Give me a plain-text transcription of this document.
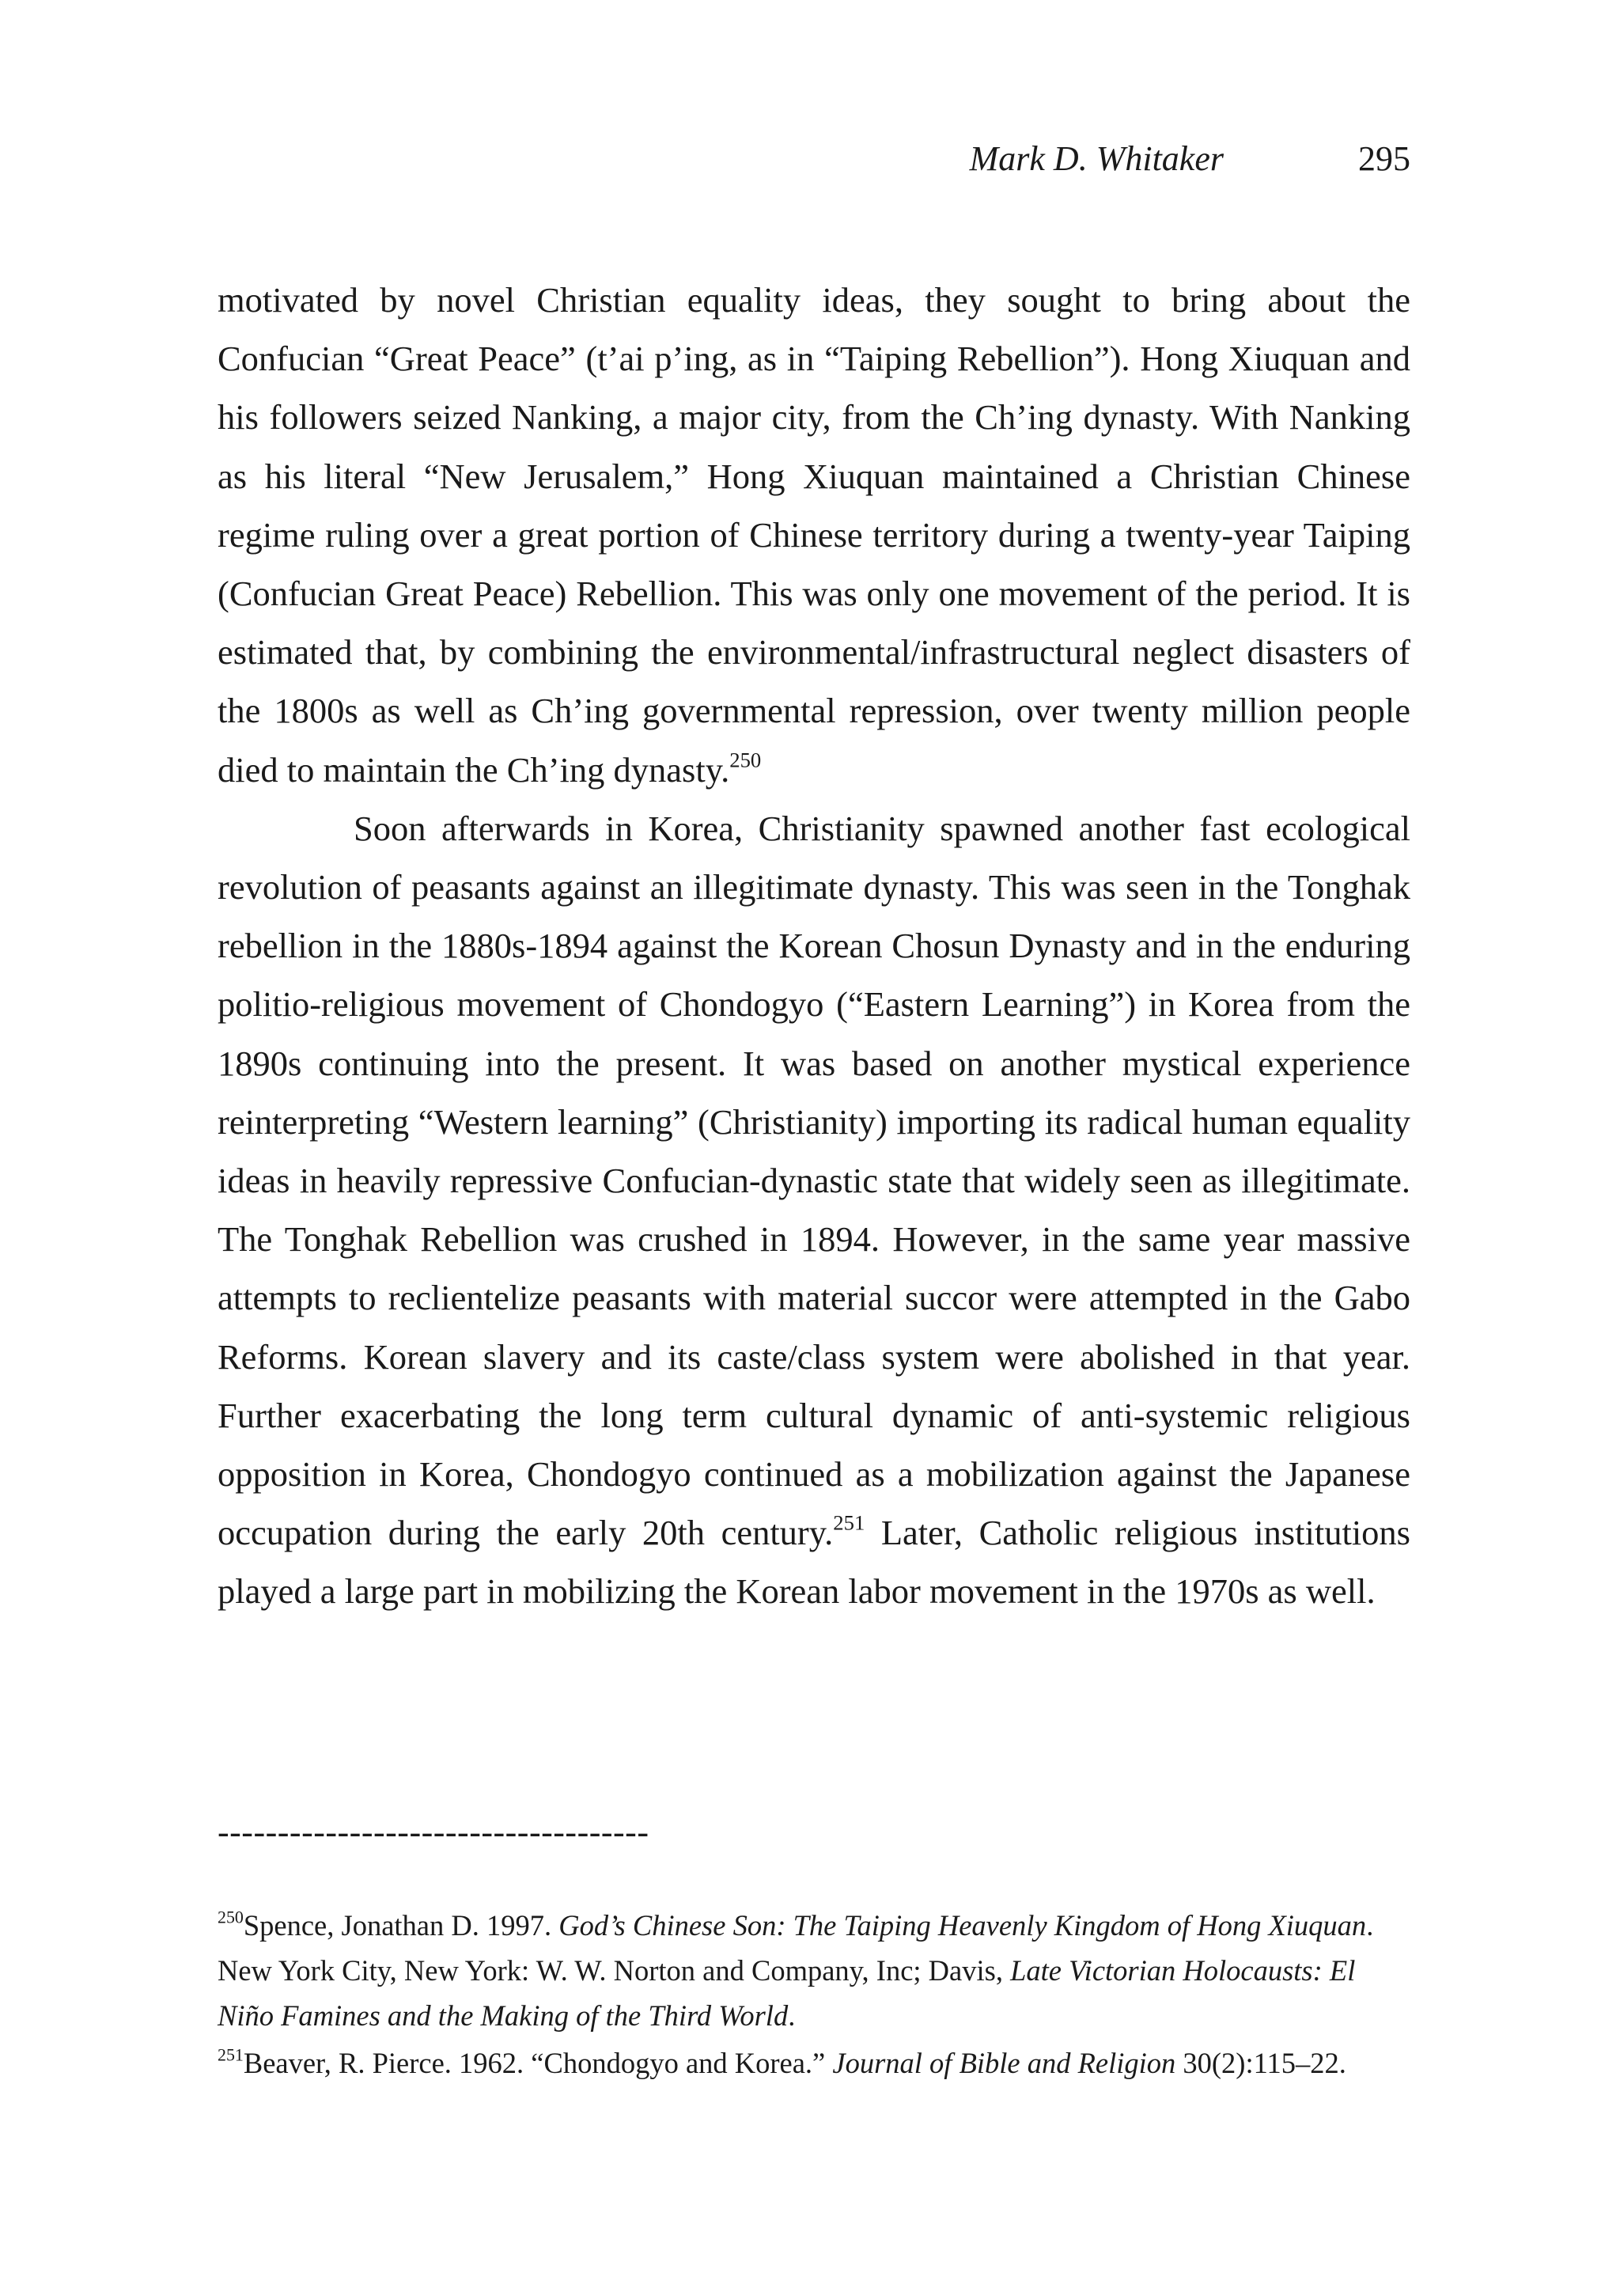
Mark D. Whitaker	295

motivated by novel Christian equality ideas, they sought to bring about the Confucian “Great Peace” (t’ai p’ing, as in “Taiping Rebellion”). Hong Xiuquan and his followers seized Nanking, a major city, from the Ch’ing dynasty. With Nanking as his literal “New Jerusalem,” Hong Xiuquan maintained a Christian Chinese regime ruling over a great portion of Chinese territory during a twenty-year Taiping (Confucian Great Peace) Rebellion. This was only one movement of the period. It is estimated that, by combining the environmental/infrastructural neglect disasters of the 1800s as well as Ch’ing governmental repression, over twenty million people died to maintain the Ch’ing dynasty.$^{250}$

Soon afterwards in Korea, Christianity spawned another fast ecological revolution of peasants against an illegitimate dynasty. This was seen in the Tonghak rebellion in the 1880s-1894 against the Korean Chosun Dynasty and in the enduring politio-religious movement of Chondogyo (“Eastern Learning”) in Korea from the 1890s continuing into the present. It was based on another mystical experience reinterpreting “Western learning” (Christianity) importing its radical human equality ideas in heavily repressive Confucian-dynastic state that widely seen as illegitimate. The Tonghak Rebellion was crushed in 1894. However, in the same year massive attempts to reclientelize peasants with material succor were attempted in the Gabo Reforms. Korean slavery and its caste/class system were abolished in that year. Further exacerbating the long term cultural dynamic of anti-systemic religious opposition in Korea, Chondogyo continued as a mobilization against the Japanese occupation during the early 20th century.$^{251}$ Later, Catholic religious institutions played a large part in mobilizing the Korean labor movement in the 1970s as well.

------------------------------------

$^{250}$Spence, Jonathan D. 1997. God’s Chinese Son: The Taiping Heavenly Kingdom of Hong Xiuquan. New York City, New York: W. W. Norton and Company, Inc; Davis, Late Victorian Holocausts: El Niño Famines and the Making of the Third World.

$^{251}$Beaver, R. Pierce. 1962. “Chondogyo and Korea.” Journal of Bible and Religion 30(2):115–22.
